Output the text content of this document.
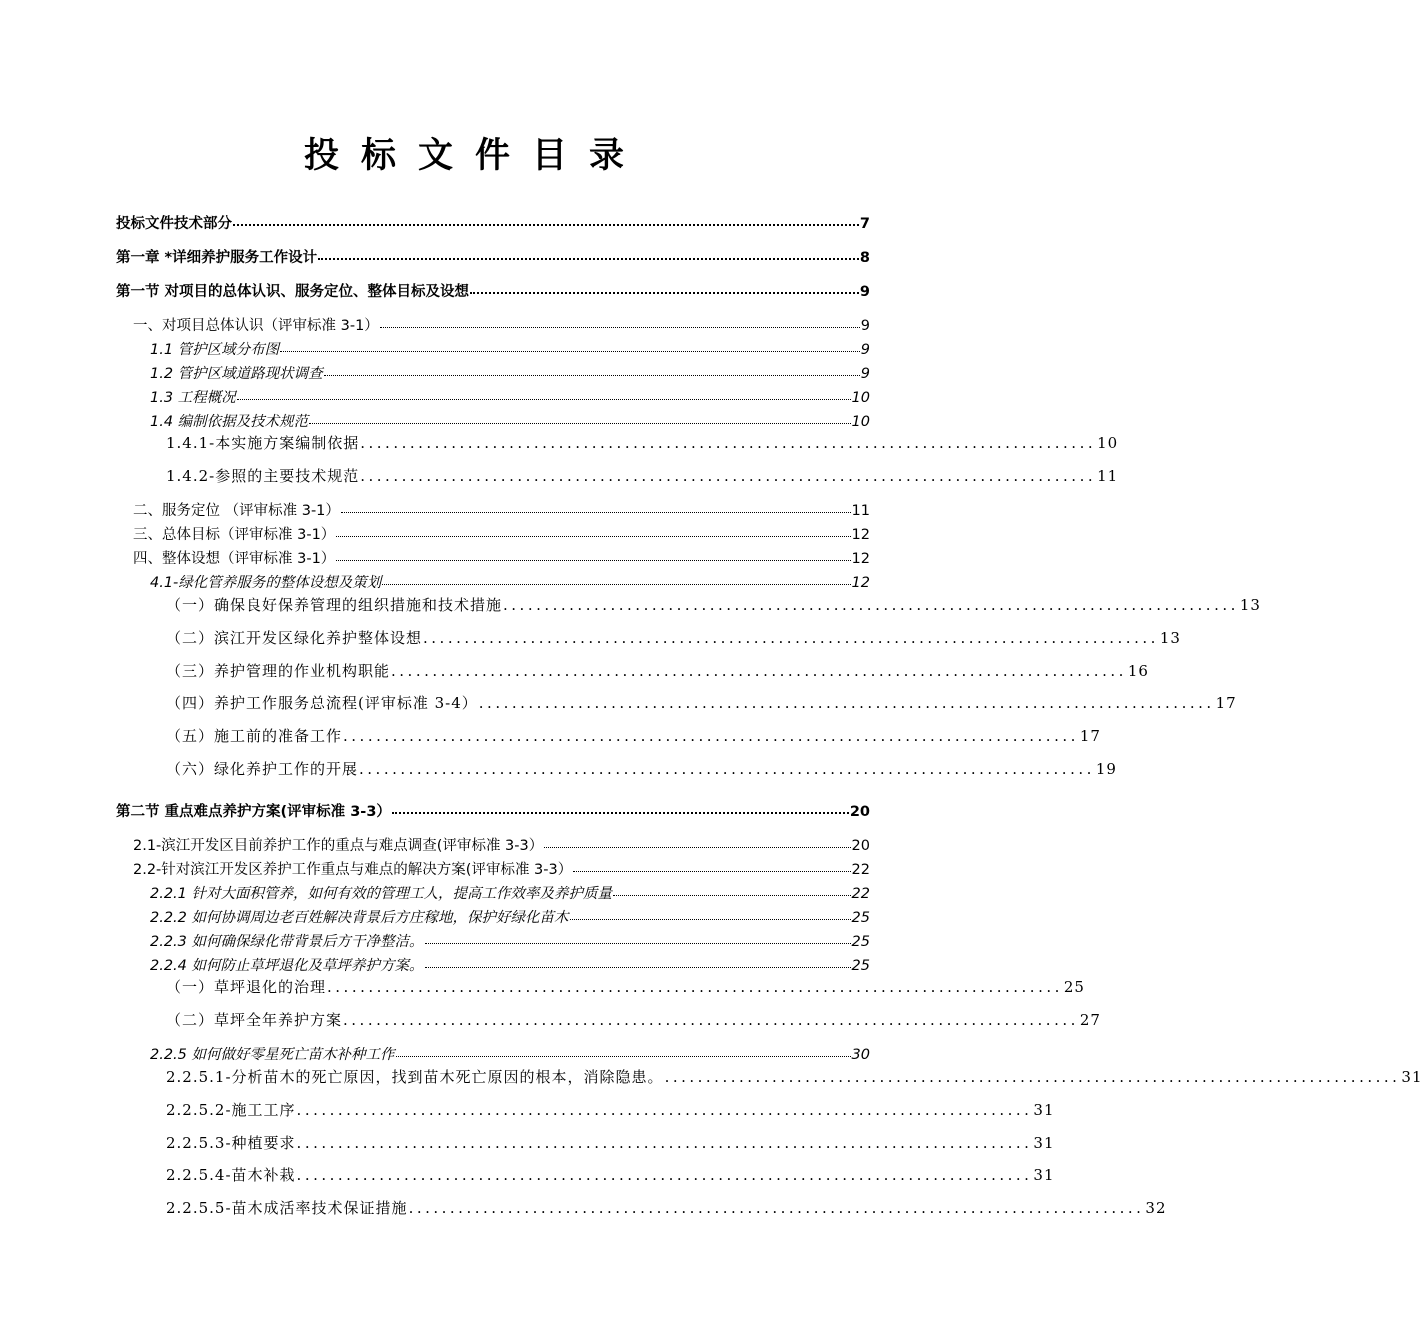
投标文件目录
投标文件技术部分	7
第一章 *详细养护服务工作设计	8
第一节 对项目的总体认识、服务定位、整体目标及设想	9
一、对项目总体认识（评审标准 3-1）	9
1.1 管护区域分布图	9
1.2 管护区域道路现状调查	9
1.3 工程概况	10
1.4 编制依据及技术规范	10
1.4.1-本实施方案编制依据 ......................................................................................... 10
1.4.2-参照的主要技术规范 ......................................................................................... 11
二、服务定位 （评审标准 3-1）	11
三、总体目标（评审标准 3-1）	12
四、整体设想（评审标准 3-1）	12
4.1-绿化管养服务的整体设想及策划	12
（一）确保良好保养管理的组织措施和技术措施 ......................................................................................... 13
（二）滨江开发区绿化养护整体设想 ......................................................................................... 13
（三）养护管理的作业机构职能 ......................................................................................... 16
（四）养护工作服务总流程(评审标准 3-4） ......................................................................................... 17
（五）施工前的准备工作 ......................................................................................... 17
（六）绿化养护工作的开展 ......................................................................................... 19
第二节 重点难点养护方案(评审标准 3-3）	20
2.1-滨江开发区目前养护工作的重点与难点调查(评审标准 3-3）	20
2.2-针对滨江开发区养护工作重点与难点的解决方案(评审标准 3-3）	22
2.2.1 针对大面积管养，如何有效的管理工人，提高工作效率及养护质量	22
2.2.2 如何协调周边老百姓解决背景后方庄稼地，保护好绿化苗木	25
2.2.3 如何确保绿化带背景后方干净整洁。	25
2.2.4 如何防止草坪退化及草坪养护方案。	25
（一）草坪退化的治理 ......................................................................................... 25
（二）草坪全年养护方案 ......................................................................................... 27
2.2.5 如何做好零星死亡苗木补种工作	30
2.2.5.1-分析苗木的死亡原因，找到苗木死亡原因的根本，消除隐患。 ......................................................................................... 31
2.2.5.2-施工工序 ......................................................................................... 31
2.2.5.3-种植要求 ......................................................................................... 31
2.2.5.4-苗木补栽 ......................................................................................... 31
2.2.5.5-苗木成活率技术保证措施 ......................................................................................... 32
